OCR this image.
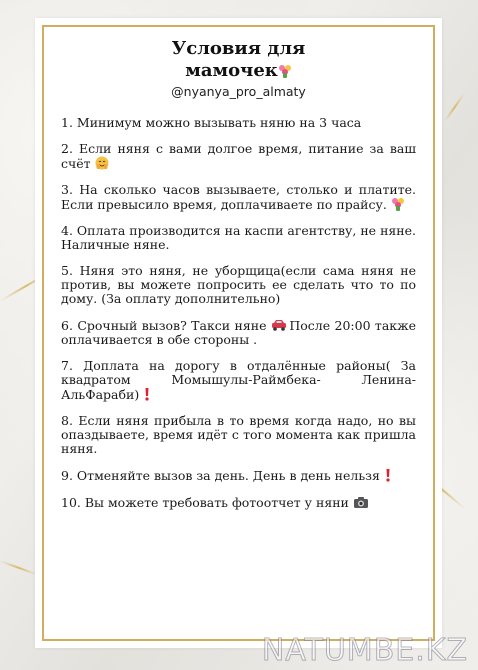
Условия для
мамочек
@nyanya_pro_almaty

1. Минимум можно вызывать няню на 3 часа

2. Если няня с вами долгое время, питание за ваш счёт

3. На сколько часов вызываете, столько и платите. Если превысило время, доплачиваете по прайсу.

4. Оплата производится на каспи агентству, не няне. Наличные няне.

5. Няня это няня, не уборщица(если сама няня не против, вы можете попросить ее сделать что то по дому. (За оплату дополнительно)

6. Срочный вызов? Такси няне После 20:00 также оплачивается в обе стороны .

7. Доплата на дорогу в отдалённые районы( За квадратом Момышулы-Раймбека- Ленина-АльФараби)

8. Если няня прибыла в то время когда надо, но вы опаздываете, время идёт с того момента как пришла няня.

9. Отменяйте вызов за день. День в день нельзя

10. Вы можете требовать фотоотчет у няни

NATUMBE.KZ
